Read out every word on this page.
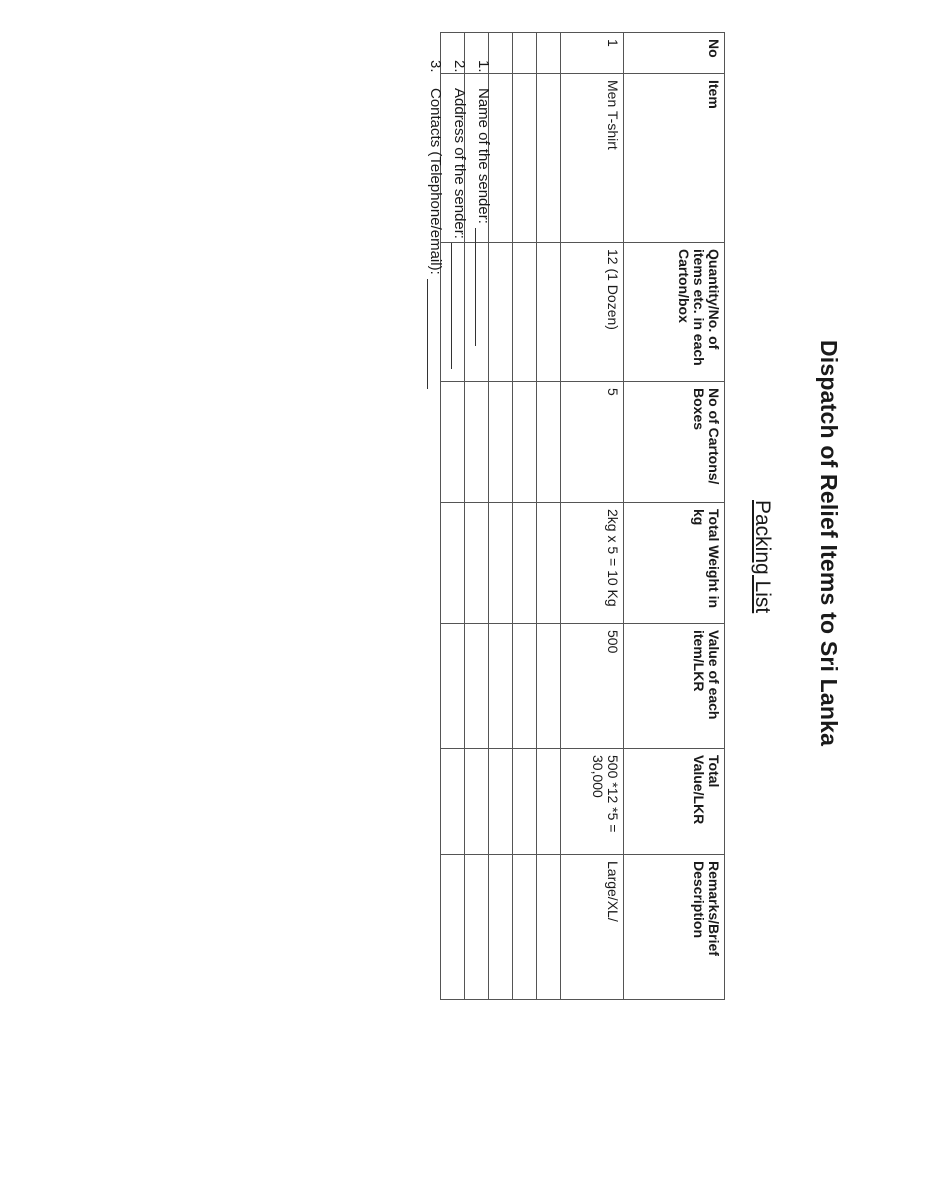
Dispatch of Relief Items to Sri Lanka
Packing List
No	Item	Quantity/No. of items etc. in each Carton/box	No of Cartons/ Boxes	Total Weight in kg	Value of each item/LKR	Total Value/LKR	Remarks/Brief Description
1	Men T-shirt	12 (1 Dozen)	5	2kg x 5 = 10 Kg	500	500 *12 *5 = 30,000	Large/XL/

1.
Name of the sender:
2.
Address of the sender:
3.
Contacts (Telephone/email):
